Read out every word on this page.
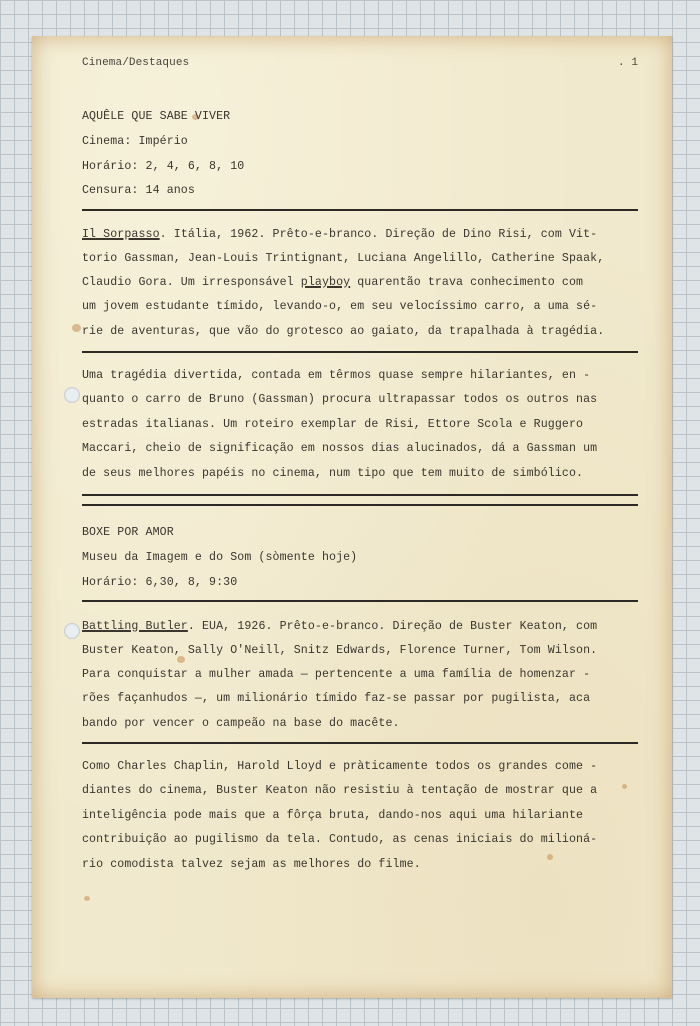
Cinema/Destaques	. 1
AQUÊLE QUE SABE VIVER
Cinema: Império
Horário: 2, 4, 6, 8, 10
Censura: 14 anos
Il Sorpasso. Itália, 1962. Prêto-e-branco. Direção de Dino Risi, com Vit-
torio Gassman, Jean-Louis Trintignant, Luciana Angelillo, Catherine Spaak,
Claudio Gora. Um irresponsável playboy quarentão trava conhecimento com
um jovem estudante tímido, levando-o, em seu velocíssimo carro, a uma sé-
rie de aventuras, que vão do grotesco ao gaiato, da trapalhada à tragédia.
Uma tragédia divertida, contada em têrmos quase sempre hilariantes, en -
quanto o carro de Bruno (Gassman) procura ultrapassar todos os outros nas
estradas italianas. Um roteiro exemplar de Risi, Ettore Scola e Ruggero
Maccari, cheio de significação em nossos dias alucinados, dá a Gassman um
de seus melhores papéis no cinema, num tipo que tem muito de simbólico.
BOXE POR AMOR
Museu da Imagem e do Som (sòmente hoje)
Horário: 6,30, 8, 9:30
Battling Butler. EUA, 1926. Prêto-e-branco. Direção de Buster Keaton, com
Buster Keaton, Sally O'Neill, Snitz Edwards, Florence Turner, Tom Wilson.
Para conquistar a mulher amada — pertencente a uma família de homenzar -
rões façanhudos —, um milionário tímido faz-se passar por pugilista, aca
bando por vencer o campeão na base do macête.
Como Charles Chaplin, Harold Lloyd e pràticamente todos os grandes come -
diantes do cinema, Buster Keaton não resistiu à tentação de mostrar que a
inteligência pode mais que a fôrça bruta, dando-nos aqui uma hilariante
contribuição ao pugilismo da tela. Contudo, as cenas iniciais do milioná-
rio comodista talvez sejam as melhores do filme.
